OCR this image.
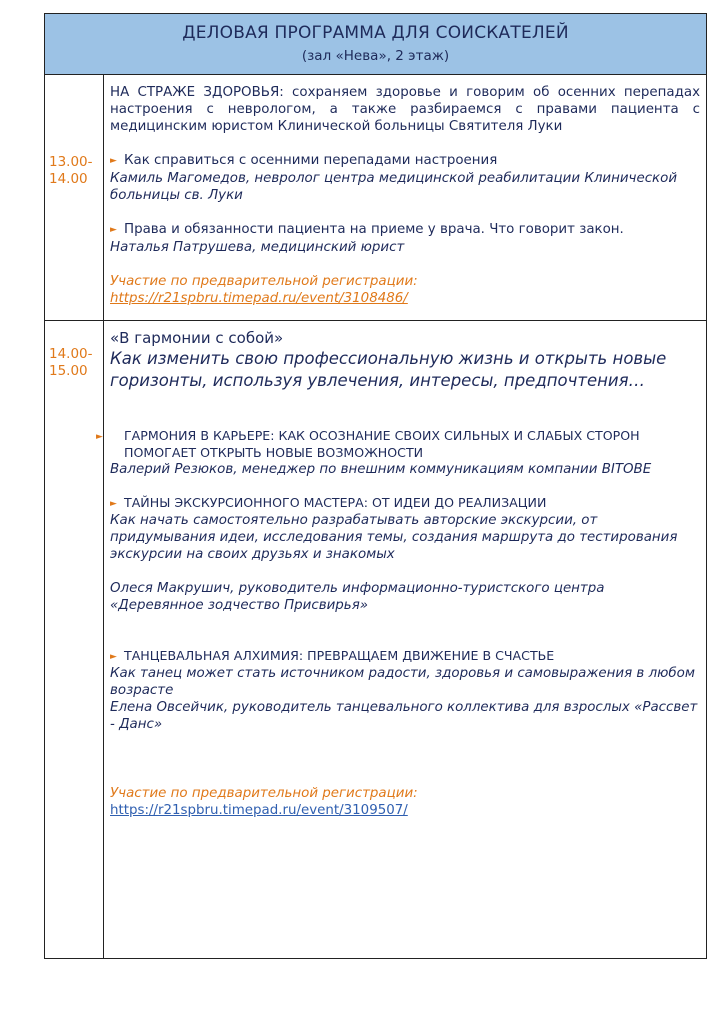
ДЕЛОВАЯ ПРОГРАММА ДЛЯ СОИСКАТЕЛЕЙ
(зал «Нева», 2 этаж)
13.00-
14.00

НА СТРАЖЕ ЗДОРОВЬЯ: сохраняем здоровье и говорим об осенних перепадах настроения с неврологом, а также разбираемся с правами пациента с медицинским юристом Клинической больницы Святителя Луки

► Как справиться с осенними перепадами настроения

Камиль Магомедов, невролог центра медицинской реабилитации Клинической больницы св. Луки

► Права и обязанности пациента на приеме у врача. Что говорит закон.

Наталья Патрушева, медицинский юрист

Участие по предварительной регистрации:

https://r21spbru.timepad.ru/event/3108486/

14.00-
15.00

«В гармонии с собой»

Как изменить свою профессиональную жизнь и открыть новые горизонты, используя увлечения, интересы, предпочтения…

► ГАРМОНИЯ В КАРЬЕРЕ: КАК ОСОЗНАНИЕ СВОИХ СИЛЬНЫХ И СЛАБЫХ СТОРОН ПОМОГАЕТ ОТКРЫТЬ НОВЫЕ ВОЗМОЖНОСТИ

Валерий Резюков, менеджер по внешним коммуникациям компании BITOBE

► ТАЙНЫ ЭКСКУРСИОННОГО МАСТЕРА: ОТ ИДЕИ ДО РЕАЛИЗАЦИИ

Как начать самостоятельно разрабатывать авторские экскурсии, от придумывания идеи, исследования темы, создания маршрута до тестирования экскурсии на своих друзьях и знакомых

Олеся Макрушич, руководитель информационно-туристского центра «Деревянное зодчество Присвирья»

► ТАНЦЕВАЛЬНАЯ АЛХИМИЯ: ПРЕВРАЩАЕМ ДВИЖЕНИЕ В СЧАСТЬЕ

Как танец может стать источником радости, здоровья и самовыражения в любом возрасте

Елена Овсейчик, руководитель танцевального коллектива для взрослых «Рассвет - Данс»

Участие по предварительной регистрации:

https://r21spbru.timepad.ru/event/3109507/
